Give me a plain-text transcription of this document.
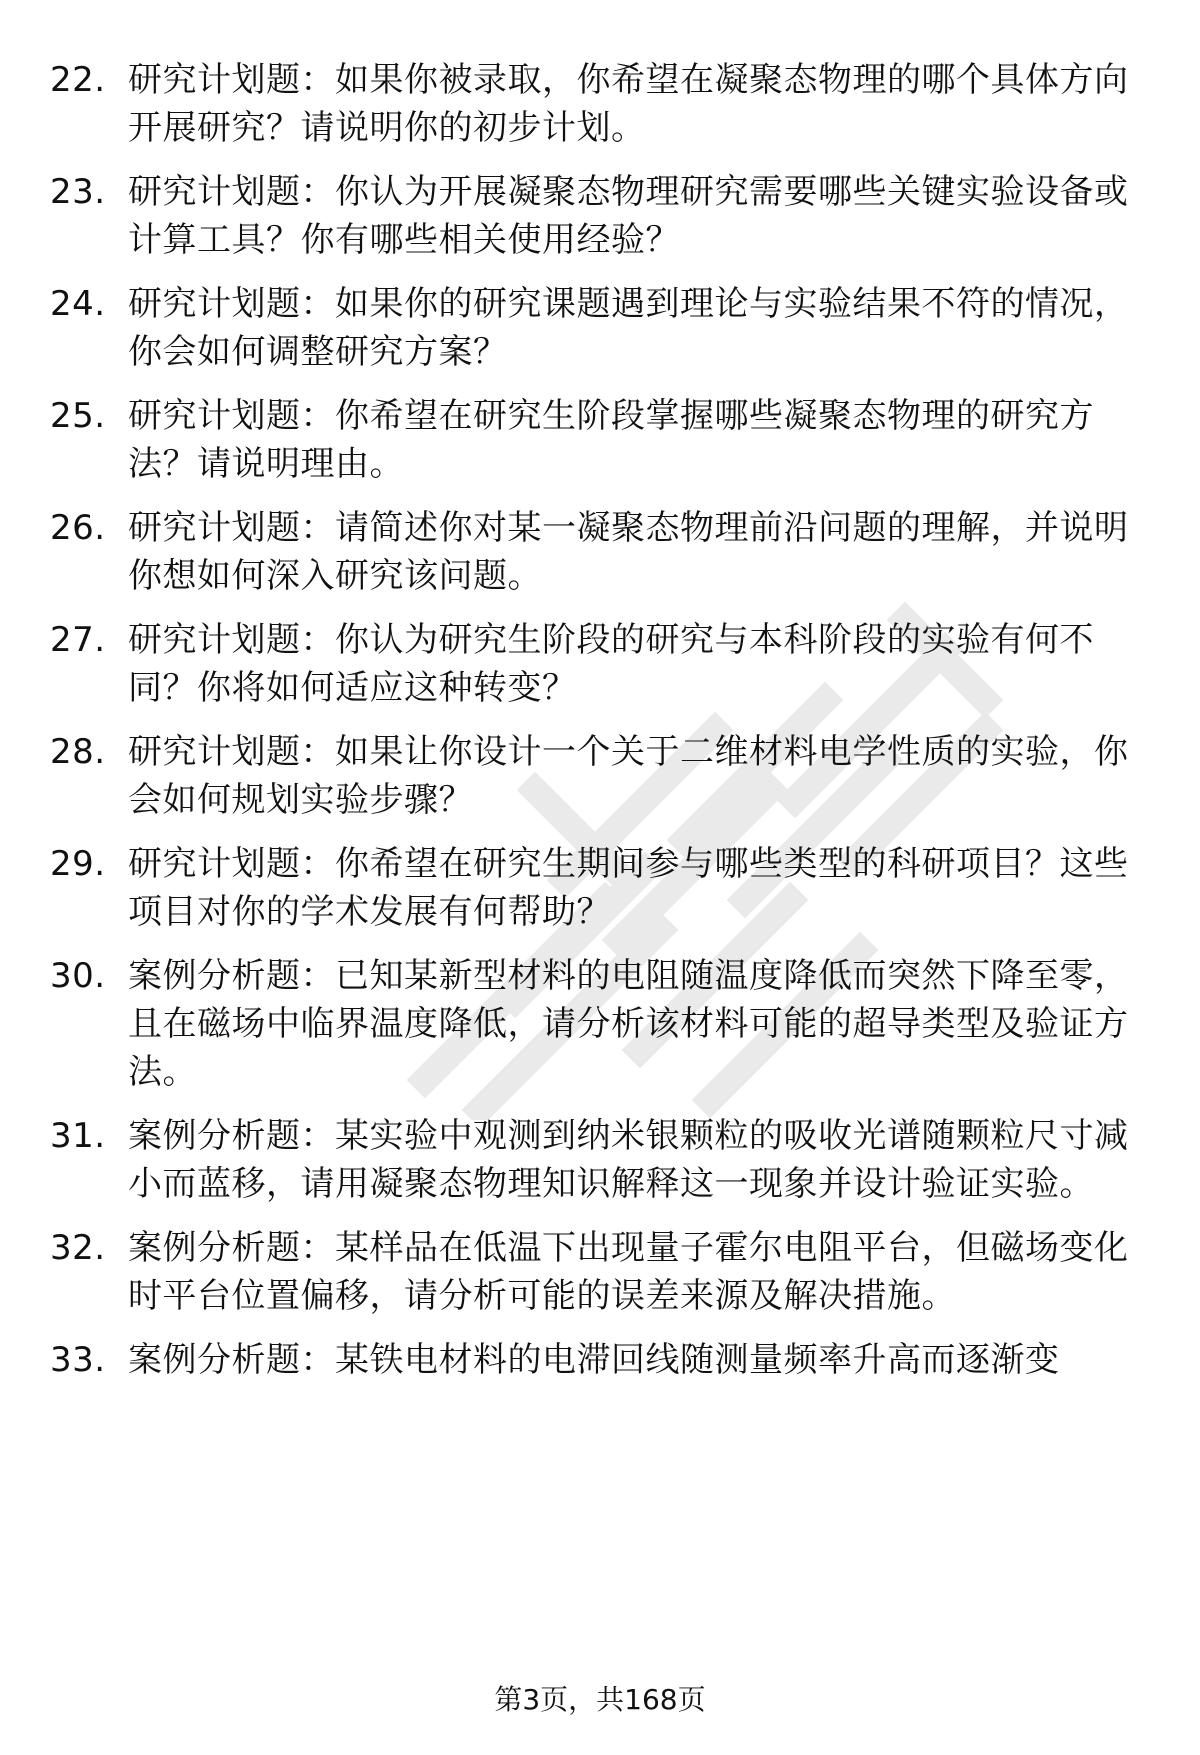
22. 研究计划题：如果你被录取，你希望在凝聚态物理的哪个具体方向开展研究？请说明你的初步计划。
23. 研究计划题：你认为开展凝聚态物理研究需要哪些关键实验设备或计算工具？你有哪些相关使用经验？
24. 研究计划题：如果你的研究课题遇到理论与实验结果不符的情况，你会如何调整研究方案？
25. 研究计划题：你希望在研究生阶段掌握哪些凝聚态物理的研究方法？请说明理由。
26. 研究计划题：请简述你对某一凝聚态物理前沿问题的理解，并说明你想如何深入研究该问题。
27. 研究计划题：你认为研究生阶段的研究与本科阶段的实验有何不同？你将如何适应这种转变？
28. 研究计划题：如果让你设计一个关于二维材料电学性质的实验，你会如何规划实验步骤？
29. 研究计划题：你希望在研究生期间参与哪些类型的科研项目？这些项目对你的学术发展有何帮助？
30. 案例分析题：已知某新型材料的电阻随温度降低而突然下降至零，且在磁场中临界温度降低，请分析该材料可能的超导类型及验证方法。
31. 案例分析题：某实验中观测到纳米银颗粒的吸收光谱随颗粒尺寸减小而蓝移，请用凝聚态物理知识解释这一现象并设计验证实验。
32. 案例分析题：某样品在低温下出现量子霍尔电阻平台，但磁场变化时平台位置偏移，请分析可能的误差来源及解决措施。
33. 案例分析题：某铁电材料的电滞回线随测量频率升高而逐渐变
第3页，共168页
